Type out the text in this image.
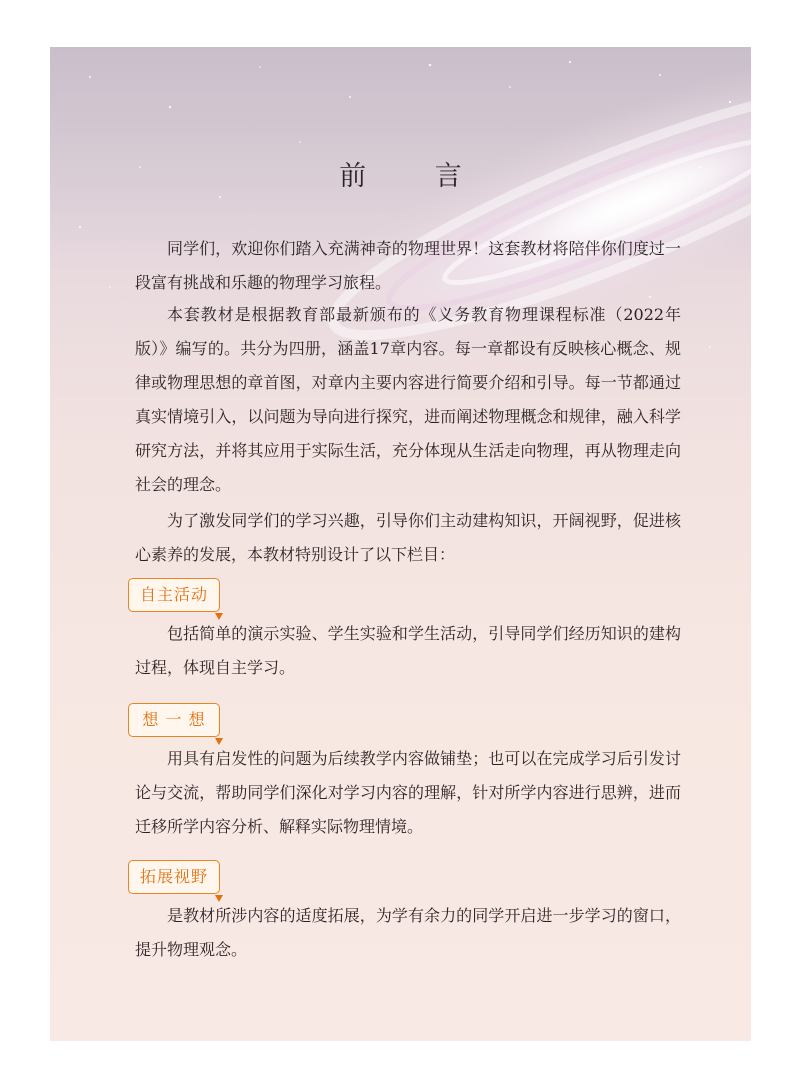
前 言

同学们，欢迎你们踏入充满神奇的物理世界！这套教材将陪伴你们度过一段富有挑战和乐趣的物理学习旅程。

本套教材是根据教育部最新颁布的《义务教育物理课程标准（2022年版）》编写的。共分为四册，涵盖17章内容。每一章都设有反映核心概念、规律或物理思想的章首图，对章内主要内容进行简要介绍和引导。每一节都通过真实情境引入，以问题为导向进行探究，进而阐述物理概念和规律，融入科学研究方法，并将其应用于实际生活，充分体现从生活走向物理，再从物理走向社会的理念。

为了激发同学们的学习兴趣，引导你们主动建构知识，开阔视野，促进核心素养的发展，本教材特别设计了以下栏目：

自主活动

包括简单的演示实验、学生实验和学生活动，引导同学们经历知识的建构过程，体现自主学习。

想 一 想

用具有启发性的问题为后续教学内容做铺垫；也可以在完成学习后引发讨论与交流，帮助同学们深化对学习内容的理解，针对所学内容进行思辨，进而迁移所学内容分析、解释实际物理情境。

拓展视野

是教材所涉内容的适度拓展，为学有余力的同学开启进一步学习的窗口，提升物理观念。
